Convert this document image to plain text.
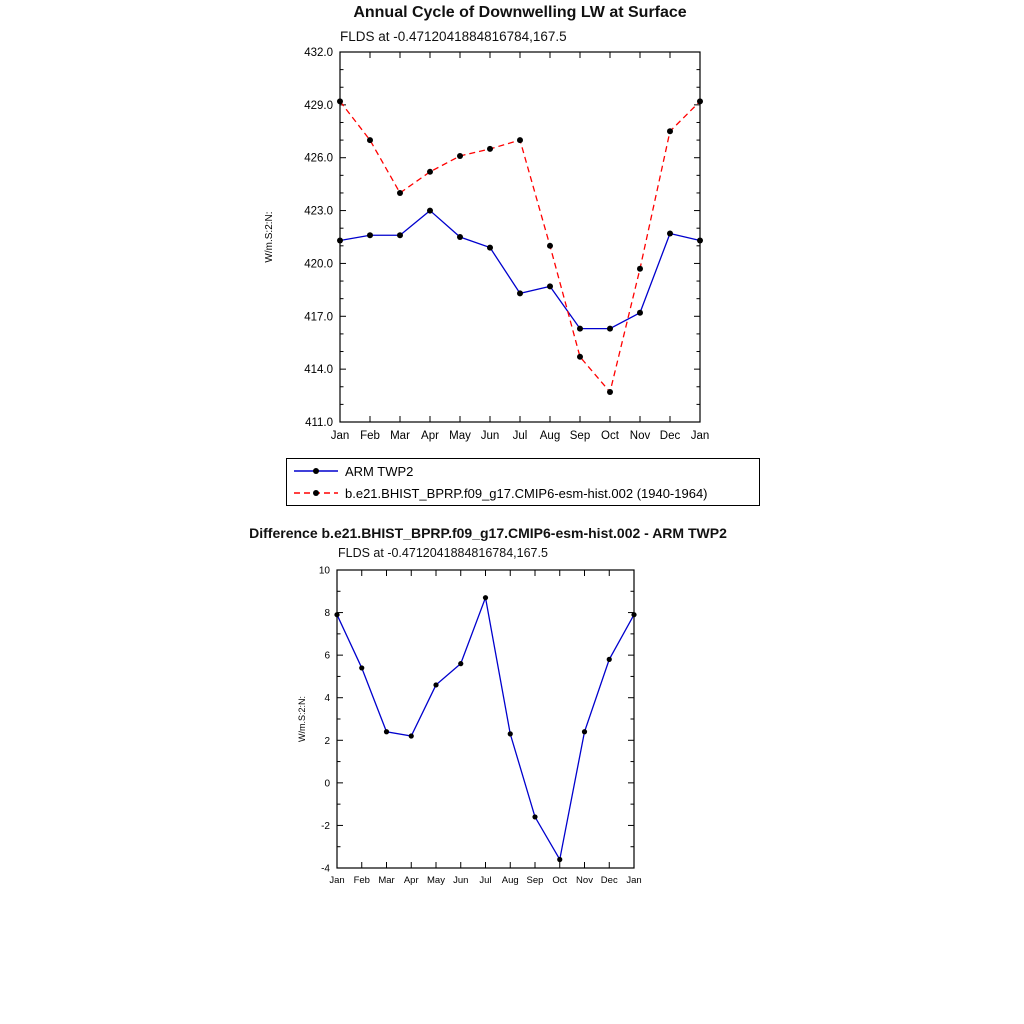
Annual Cycle of Downwelling LW at Surface
FLDS at -0.4712041884816784,167.5
411.0
414.0
417.0
420.0
423.0
426.0
429.0
432.0
Jan Feb Mar Apr May Jun Jul Aug Sep Oct Nov Dec Jan
W/m.S:2:N:
ARM TWP2
b.e21.BHIST_BPRP.f09_g17.CMIP6-esm-hist.002 (1940-1964)
Difference b.e21.BHIST_BPRP.f09_g17.CMIP6-esm-hist.002 - ARM TWP2
FLDS at -0.4712041884816784,167.5
-4
-2
0
2
4
6
8
10
Jan Feb Mar Apr May Jun Jul Aug Sep Oct Nov Dec Jan
W/m.S:2:N:
